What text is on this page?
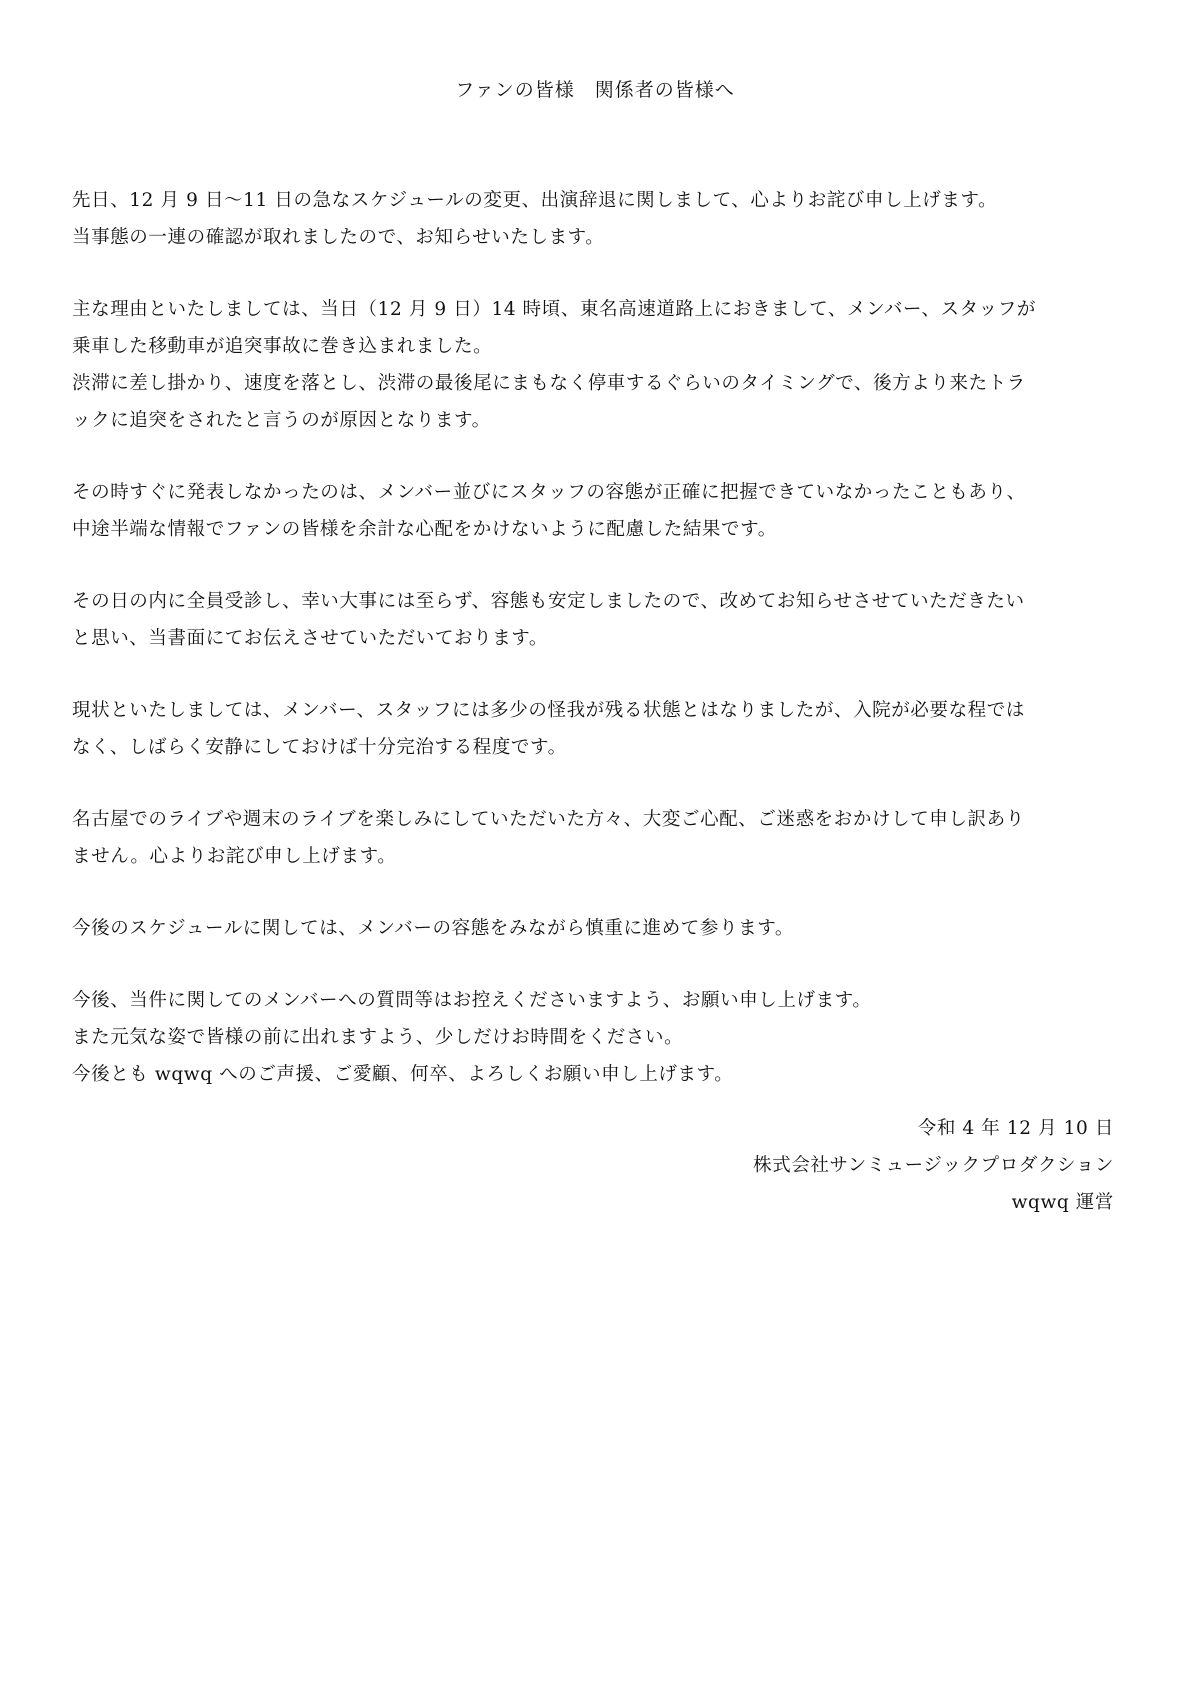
ファンの皆様　関係者の皆様へ
先日、12 月 9 日〜11 日の急なスケジュールの変更、出演辞退に関しまして、心よりお詫び申し上げます。
当事態の一連の確認が取れましたので、お知らせいたします。
主な理由といたしましては、当日（12 月 9 日）14 時頃、東名高速道路上におきまして、メンバー、スタッフが
乗車した移動車が追突事故に巻き込まれました。
渋滞に差し掛かり、速度を落とし、渋滞の最後尾にまもなく停車するぐらいのタイミングで、後方より来たトラ
ックに追突をされたと言うのが原因となります。
その時すぐに発表しなかったのは、メンバー並びにスタッフの容態が正確に把握できていなかったこともあり、
中途半端な情報でファンの皆様を余計な心配をかけないように配慮した結果です。
その日の内に全員受診し、幸い大事には至らず、容態も安定しましたので、改めてお知らせさせていただきたい
と思い、当書面にてお伝えさせていただいております。
現状といたしましては、メンバー、スタッフには多少の怪我が残る状態とはなりましたが、入院が必要な程では
なく、しばらく安静にしておけば十分完治する程度です。
名古屋でのライブや週末のライブを楽しみにしていただいた方々、大変ご心配、ご迷惑をおかけして申し訳あり
ません。心よりお詫び申し上げます。
今後のスケジュールに関しては、メンバーの容態をみながら慎重に進めて参ります。
今後、当件に関してのメンバーへの質問等はお控えくださいますよう、お願い申し上げます。
また元気な姿で皆様の前に出れますよう、少しだけお時間をください。
今後とも wqwq へのご声援、ご愛顧、何卒、よろしくお願い申し上げます。
令和 4 年 12 月 10 日
株式会社サンミュージックプロダクション
wqwq 運営
